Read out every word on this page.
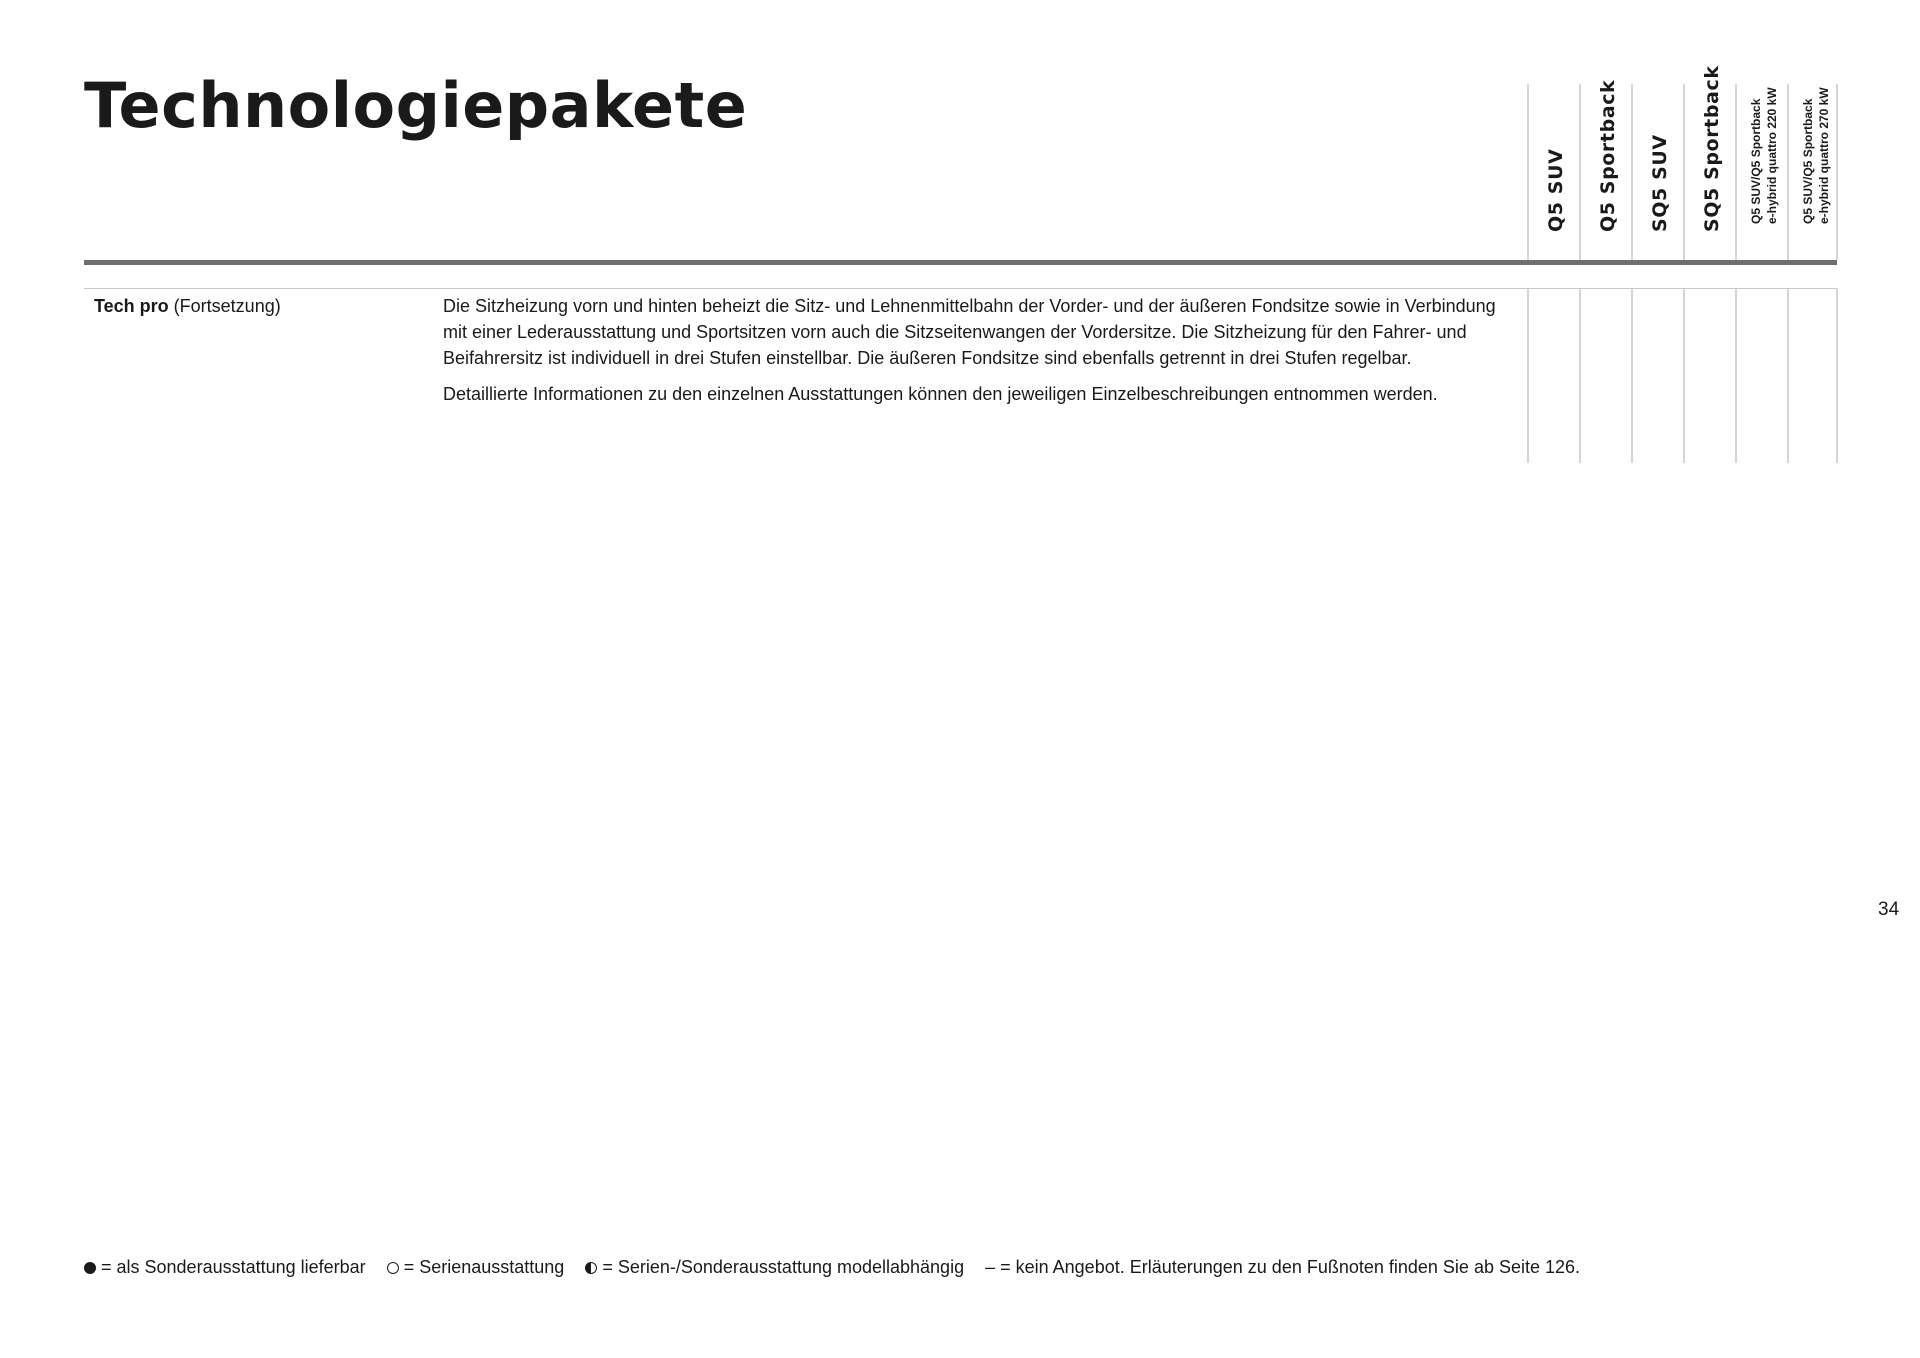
Technologiepakete
Q5 SUV Q5 Sportback SQ5 SUV SQ5 Sportback Q5 SUV/Q5 Sportback e-hybrid quattro 220 kW Q5 SUV/Q5 Sportback e-hybrid quattro 270 kW
Tech pro (Fortsetzung)	Die Sitzheizung vorn und hinten beheizt die Sitz- und Lehnenmittelbahn der Vorder- und der äußeren Fondsitze sowie in Verbindung mit einer Lederausstattung und Sportsitzen vorn auch die Sitzseitenwangen der Vordersitze. Die Sitzheizung für den Fahrer- und Beifahrersitz ist individuell in drei Stufen einstellbar. Die äußeren Fondsitze sind ebenfalls getrennt in drei Stufen regelbar.

Detaillierte Informationen zu den einzelnen Ausstattungen können den jeweiligen Einzelbeschreibungen entnommen werden.

34
= als Sonderausstattung lieferbar = Serienausstattung = Serien-/Sonderausstattung modellabhängig – = kein Angebot. Erläuterungen zu den Fußnoten finden Sie ab Seite 126.
